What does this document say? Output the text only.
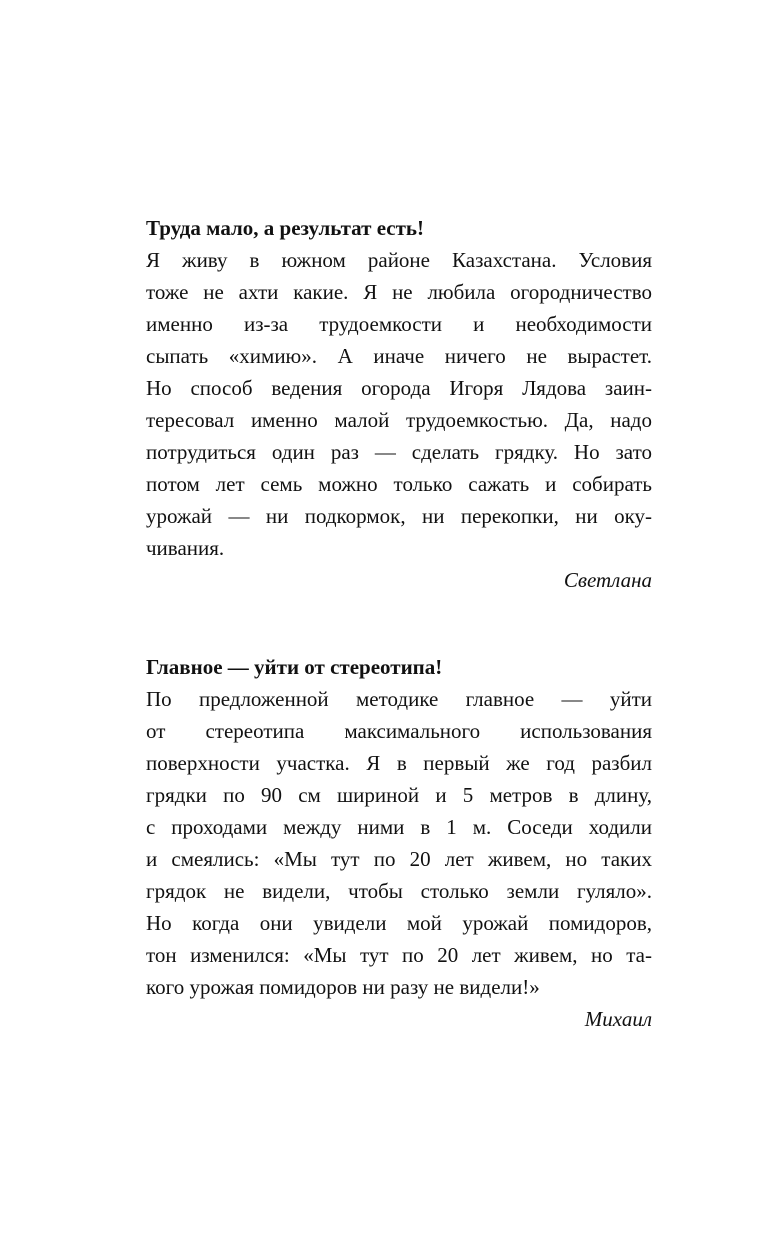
Труда мало, а результат есть!
Я живу в южном районе Казахстана. Условия
тоже не ахти какие. Я не любила огородничество
именно из-за трудоемкости и необходимости
сыпать «химию». А иначе ничего не вырастет.
Но способ ведения огорода Игоря Лядова заин-
тересовал именно малой трудоемкостью. Да, надо
потрудиться один раз — сделать грядку. Но зато
потом лет семь можно только сажать и собирать
урожай — ни подкормок, ни перекопки, ни оку-
чивания.
Светлана
Главное — уйти от стереотипа!
По предложенной методике главное — уйти
от стереотипа максимального использования
поверхности участка. Я в первый же год разбил
грядки по 90 см шириной и 5 метров в длину,
с проходами между ними в 1 м. Соседи ходили
и смеялись: «Мы тут по 20 лет живем, но таких
грядок не видели, чтобы столько земли гуляло».
Но когда они увидели мой урожай помидоров,
тон изменился: «Мы тут по 20 лет живем, но та-
кого урожая помидоров ни разу не видели!»
Михаил
